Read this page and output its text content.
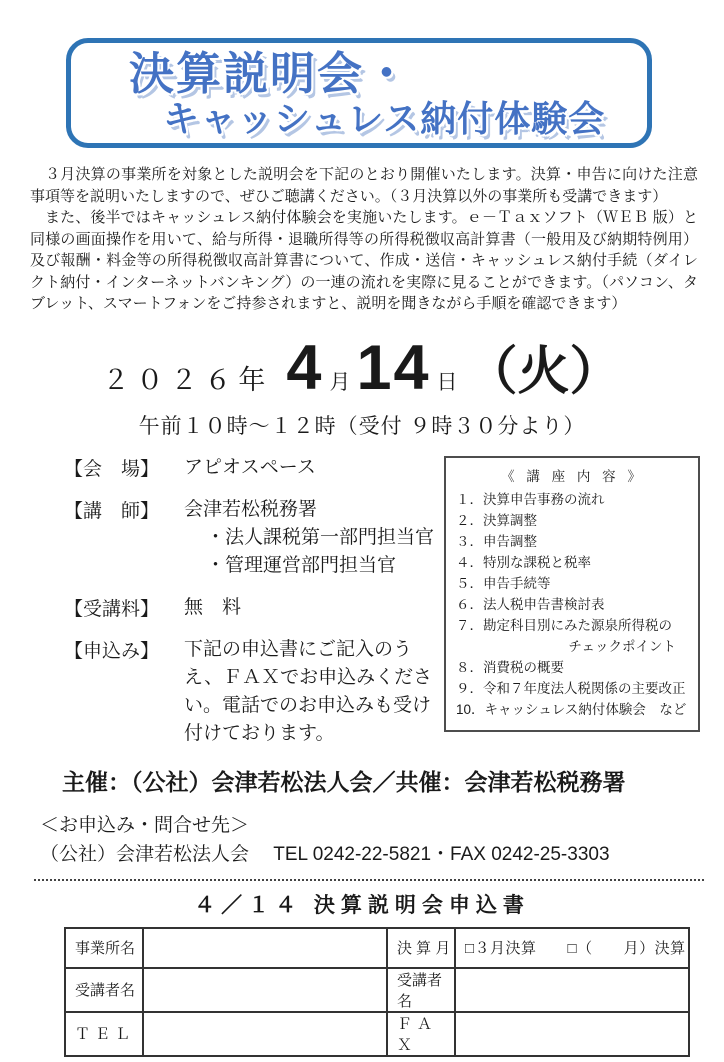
決算説明会・
キャッシュレス納付体験会

３月決算の事業所を対象とした説明会を下記のとおり開催いたします。決算・申告に向けた注意事項等を説明いたしますので、ぜひご聴講ください。（３月決算以外の事業所も受講できます）

また、後半ではキャッシュレス納付体験会を実施いたします。ｅ－Ｔａｘソフト（ＷＥＢ 版）と同様の画面操作を用いて、給与所得・退職所得等の所得税徴収高計算書（一般用及び納期特例用）及び報酬・料金等の所得税徴収高計算書について、作成・送信・キャッシュレス納付手続（ダイレクト納付・インターネットバンキング）の一連の流れを実際に見ることができます。（パソコン、タブレット、スマートフォンをご持参されますと、説明を聞きながら手順を確認できます）

２０２６年 4 月 14 日 （火）
午前１０時～１２時（受付 ９時３０分より）
【会　場】	アピオスペース
【講　師】	会津若松税務署
・法人課税第一部門担当官
・管理運営部門担当官
【受講料】	無　料
【申込み】	下記の申込書にご記入のうえ、ＦＡＸでお申込みください。電話でのお申込みも受け付けております。
《 講 座 内 容 》
１．決算申告事務の流れ
２．決算調整
３．申告調整
４．特別な課税と税率
５．申告手続等
６．法人税申告書検討表
７．勘定科目別にみた源泉所得税の
チェックポイント
８．消費税の概要
９．令和７年度法人税関係の主要改正
10．キャッシュレス納付体験会　など
主催：（公社）会津若松法人会／共催：会津若松税務署
＜お申込み・問合せ先＞
（公社）会津若松法人会　 TEL 0242-22-5821・FAX 0242-25-3303
４／１４ 決算説明会申込書
事業所名		決 算 月	□３月決算　　□（　　月）決算
受講者名		受講者名	
ＴＥＬ		ＦＡＸ	
